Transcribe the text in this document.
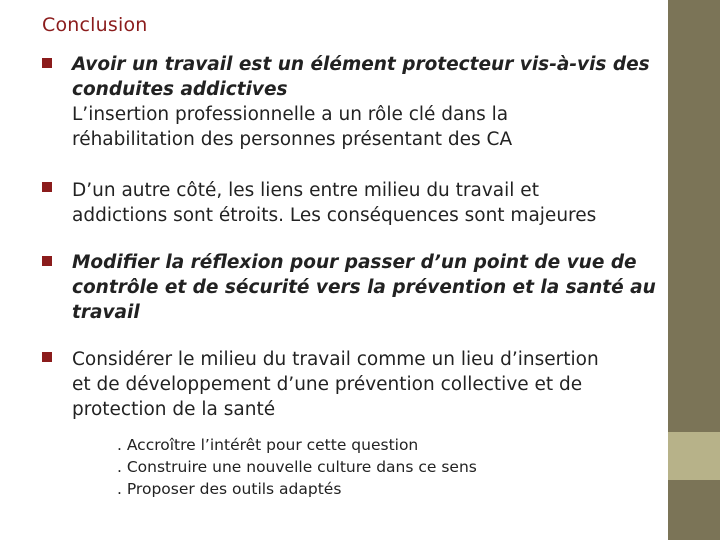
Conclusion
Avoir un travail est un élément protecteur vis-à-vis des
conduites addictives
L’insertion professionnelle a un rôle clé dans la
réhabilitation des personnes présentant des CA
D’un autre côté, les liens entre milieu du travail et
addictions sont étroits. Les conséquences sont majeures
Modifier la réflexion pour passer d’un point de vue de
contrôle et de sécurité vers la prévention et la santé au
travail
Considérer le milieu du travail comme un lieu d’insertion
et de développement d’une prévention collective et de
protection de la santé
. Accroître l’intérêt pour cette question
. Construire une nouvelle culture dans ce sens
. Proposer des outils adaptés
